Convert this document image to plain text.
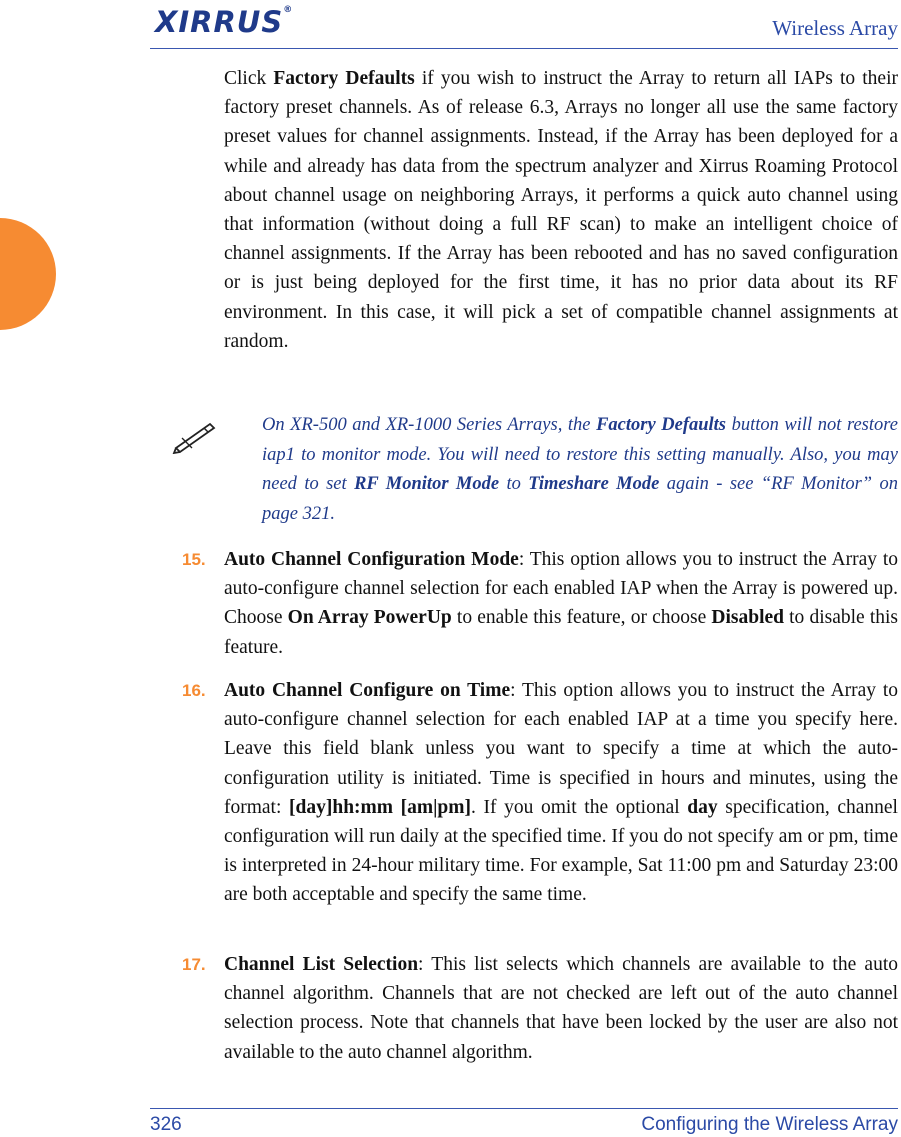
XIRRUS®
Wireless Array

Click Factory Defaults if you wish to instruct the Array to return all IAPs to their factory preset channels. As of release 6.3, Arrays no longer all use the same factory preset values for channel assignments. Instead, if the Array has been deployed for a while and already has data from the spectrum analyzer and Xirrus Roaming Protocol about channel usage on neighboring Arrays, it performs a quick auto channel using that information (without doing a full RF scan) to make an intelligent choice of channel assignments. If the Array has been rebooted and has no saved configuration or is just being deployed for the first time, it has no prior data about its RF environment. In this case, it will pick a set of compatible channel assignments at random.

On XR-500 and XR-1000 Series Arrays, the Factory Defaults button will not restore iap1 to monitor mode. You will need to restore this setting manually. Also, you may need to set RF Monitor Mode to Timeshare Mode again - see “RF Monitor” on page 321.
15. Auto Channel Configuration Mode: This option allows you to instruct the Array to auto-configure channel selection for each enabled IAP when the Array is powered up. Choose On Array PowerUp to enable this feature, or choose Disabled to disable this feature.
16. Auto Channel Configure on Time: This option allows you to instruct the Array to auto-configure channel selection for each enabled IAP at a time you specify here. Leave this field blank unless you want to specify a time at which the auto-configuration utility is initiated. Time is specified in hours and minutes, using the format: [day]hh:mm [am|pm]. If you omit the optional day specification, channel configuration will run daily at the specified time. If you do not specify am or pm, time is interpreted in 24-hour military time. For example, Sat 11:00 pm and Saturday 23:00 are both acceptable and specify the same time.
17. Channel List Selection: This list selects which channels are available to the auto channel algorithm. Channels that are not checked are left out of the auto channel selection process. Note that channels that have been locked by the user are also not available to the auto channel algorithm.
326	Configuring the Wireless Array
